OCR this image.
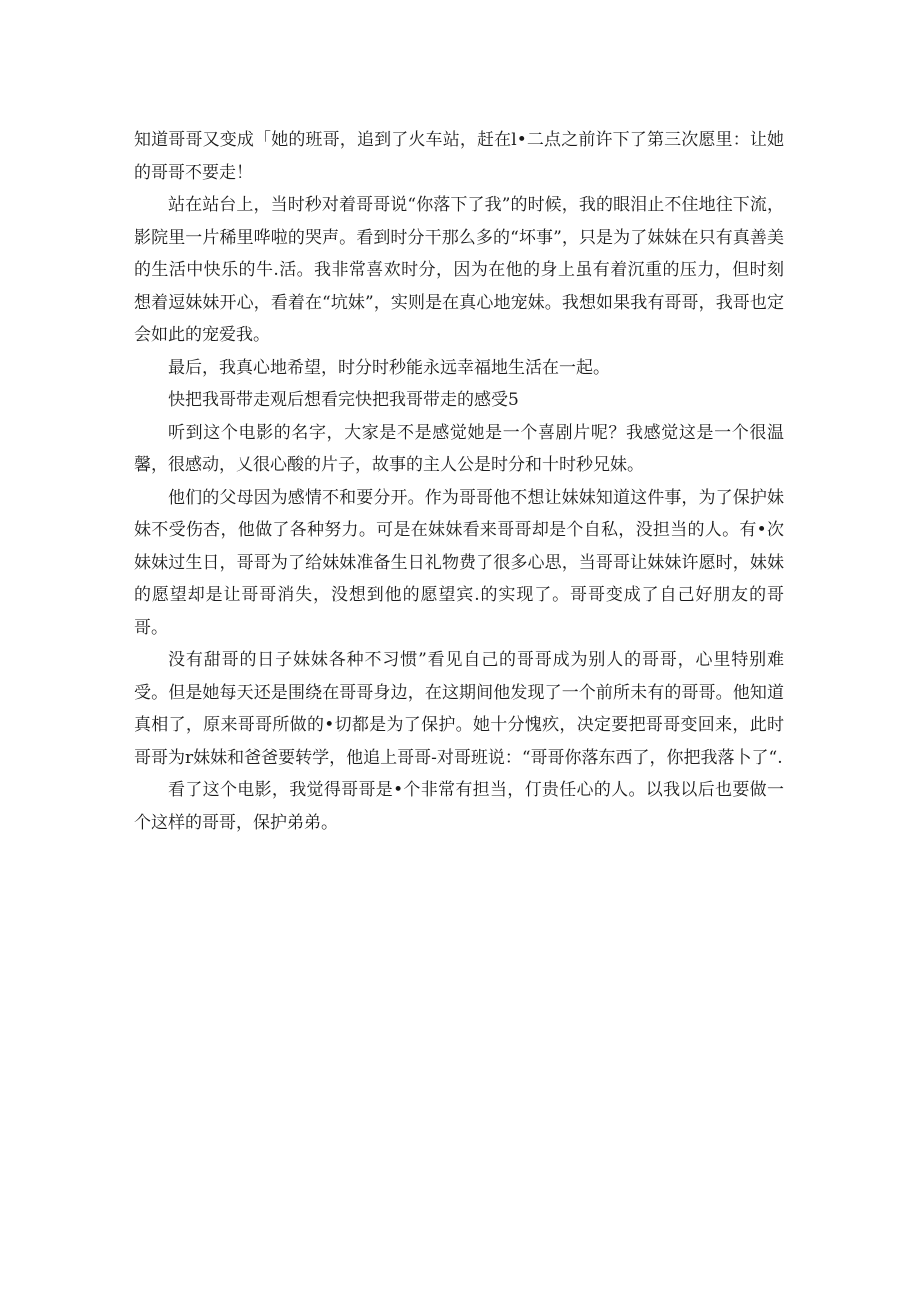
知道哥哥又变成「她的班哥，追到了火车站，赶在l•二点之前许下了第三次愿里：让她的哥哥不要走！

站在站台上，当时秒对着哥哥说“你落下了我”的时候，我的眼泪止不住地往下流，影院里一片稀里哗啦的哭声。看到时分干那么多的“坏事”，只是为了妹妹在只有真善美的生活中快乐的牛.活。我非常喜欢时分，因为在他的身上虽有着沉重的压力，但时刻想着逗妹妹开心，看着在“坑妹”，实则是在真心地宠妹。我想如果我有哥哥，我哥也定会如此的宠爱我。

最后，我真心地希望，时分时秒能永远幸福地生活在一起。

快把我哥带走观后想看完快把我哥带走的感受5

听到这个电影的名字，大家是不是感觉她是一个喜剧片呢？我感觉这是一个很温馨，很感动，乂很心酸的片子，故事的主人公是时分和十时秒兄妹。

他们的父母因为感情不和要分开。作为哥哥他不想让妹妹知道这件事，为了保护妹妹不受伤杏，他做了各种努力。可是在妹妹看来哥哥却是个自私，没担当的人。有•次妹妹过生日，哥哥为了给妹妹准备生日礼物费了很多心思，当哥哥让妹妹许愿时，妹妹的愿望却是让哥哥消失，没想到他的愿望宾.的实现了。哥哥变成了自己好朋友的哥哥。

没有甜哥的日子妹妹各种不习惯”看见自己的哥哥成为别人的哥哥，心里特别难受。但是她每天还是围绕在哥哥身边，在这期间他发现了一个前所未有的哥哥。他知道真相了，原来哥哥所做的•切都是为了保护。她十分愧疚，决定要把哥哥变回来，此时哥哥为r妹妹和爸爸要转学，他追上哥哥-对哥班说：“哥哥你落东西了，你把我落卜了“.

看了这个电影，我觉得哥哥是•个非常有担当，仃贵任心的人。以我以后也要做一个这样的哥哥，保护弟弟。
